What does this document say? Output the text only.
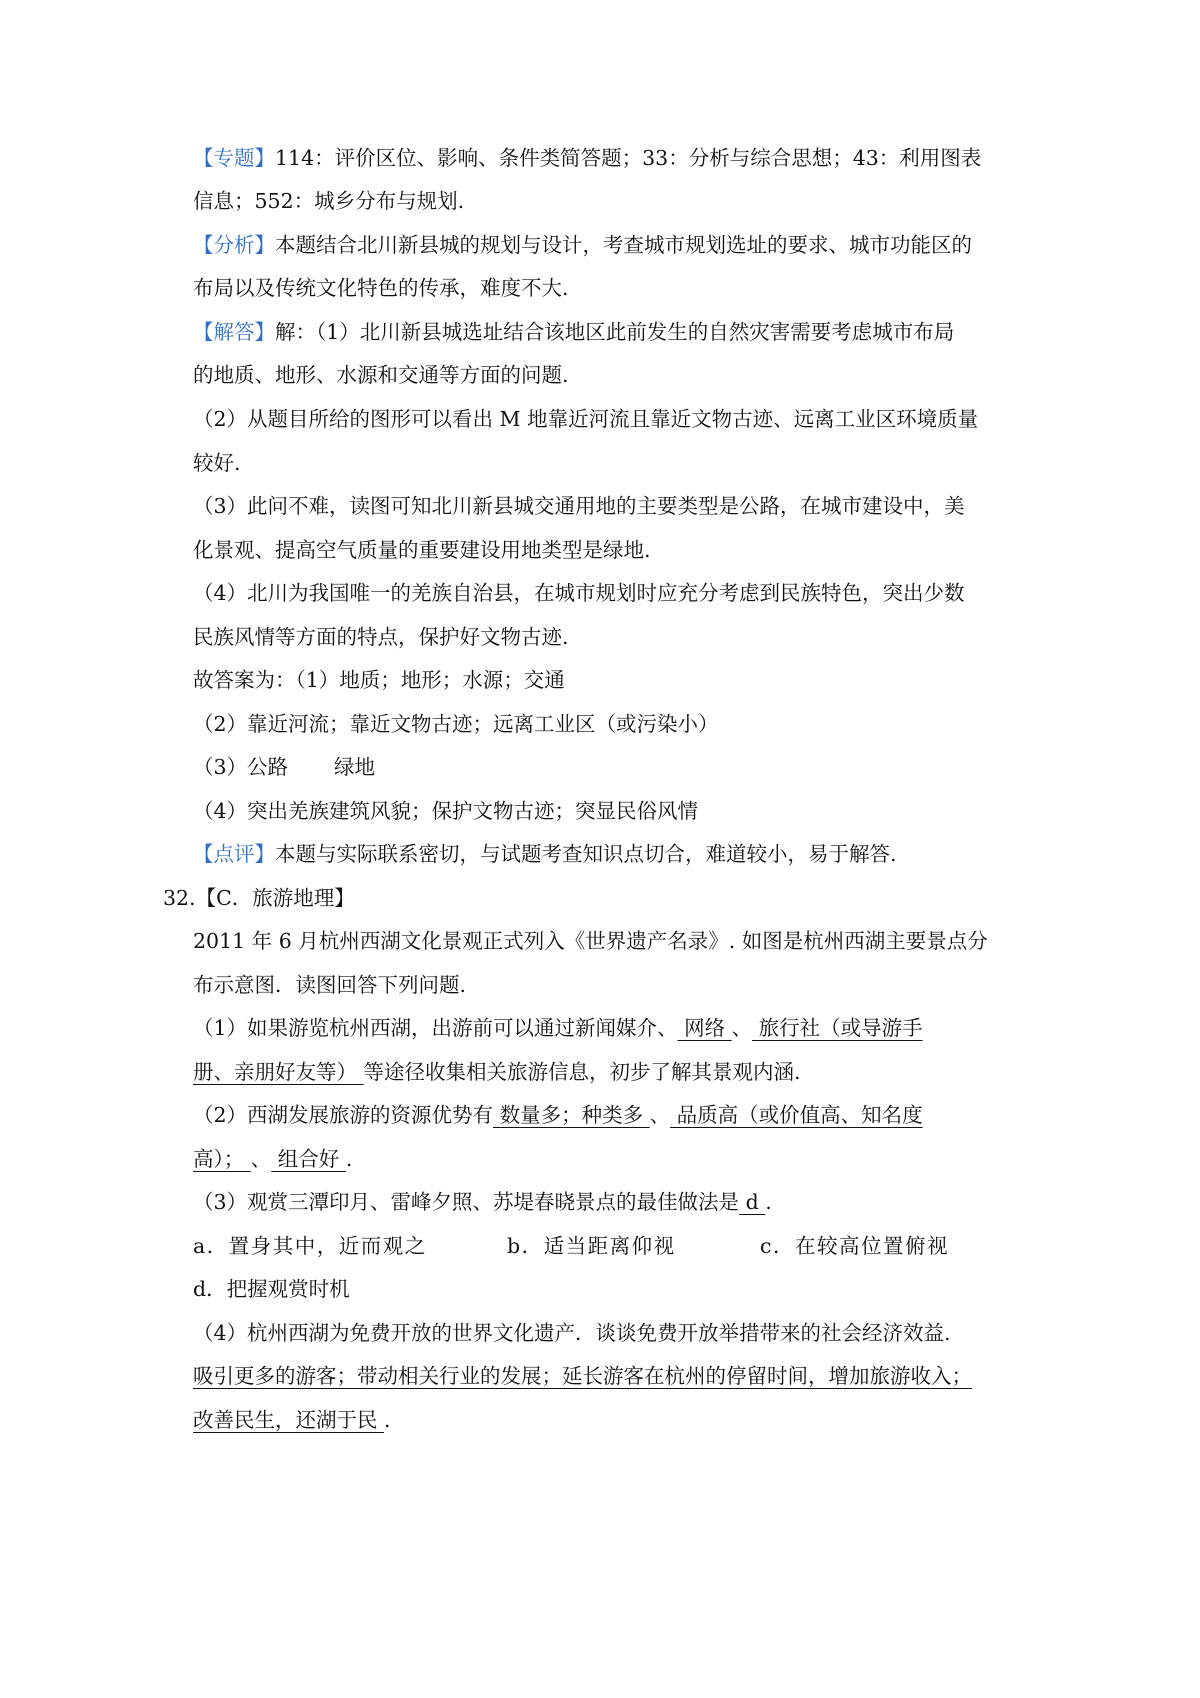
【专题】114：评价区位、影响、条件类简答题；33：分析与综合思想；43：利用图表
信息；552：城乡分布与规划.
【分析】本题结合北川新县城的规划与设计，考查城市规划选址的要求、城市功能区的
布局以及传统文化特色的传承，难度不大.
【解答】解：（1）北川新县城选址结合该地区此前发生的自然灾害需要考虑城市布局
的地质、地形、水源和交通等方面的问题.
（2）从题目所给的图形可以看出 M 地靠近河流且靠近文物古迹、远离工业区环境质量
较好.
（3）此问不难，读图可知北川新县城交通用地的主要类型是公路，在城市建设中，美
化景观、提高空气质量的重要建设用地类型是绿地.
（4）北川为我国唯一的羌族自治县，在城市规划时应充分考虑到民族特色，突出少数
民族风情等方面的特点，保护好文物古迹.
故答案为：（1）地质；地形；水源；交通
（2）靠近河流；靠近文物古迹；远离工业区（或污染小）
（3）公路 绿地
（4）突出羌族建筑风貌；保护文物古迹；突显民俗风情
【点评】本题与实际联系密切，与试题考查知识点切合，难道较小，易于解答.
32.【C．旅游地理】
2011 年 6 月杭州西湖文化景观正式列入《世界遗产名录》. 如图是杭州西湖主要景点分
布示意图．读图回答下列问题.
（1）如果游览杭州西湖，出游前可以通过新闻媒介、 网络 、 旅行社（或导游手
册、亲朋好友等） 等途径收集相关旅游信息，初步了解其景观内涵.
（2）西湖发展旅游的资源优势有 数量多；种类多 、 品质高（或价值高、知名度
高）； 、 组合好 .
（3）观赏三潭印月、雷峰夕照、苏堤春晓景点的最佳做法是 d .
a．置身其中，近而观之	b．适当距离仰视	c．在较高位置俯视
d．把握观赏时机
（4）杭州西湖为免费开放的世界文化遗产．谈谈免费开放举措带来的社会经济效益.
吸引更多的游客；带动相关行业的发展；延长游客在杭州的停留时间，增加旅游收入；
改善民生，还湖于民 .
